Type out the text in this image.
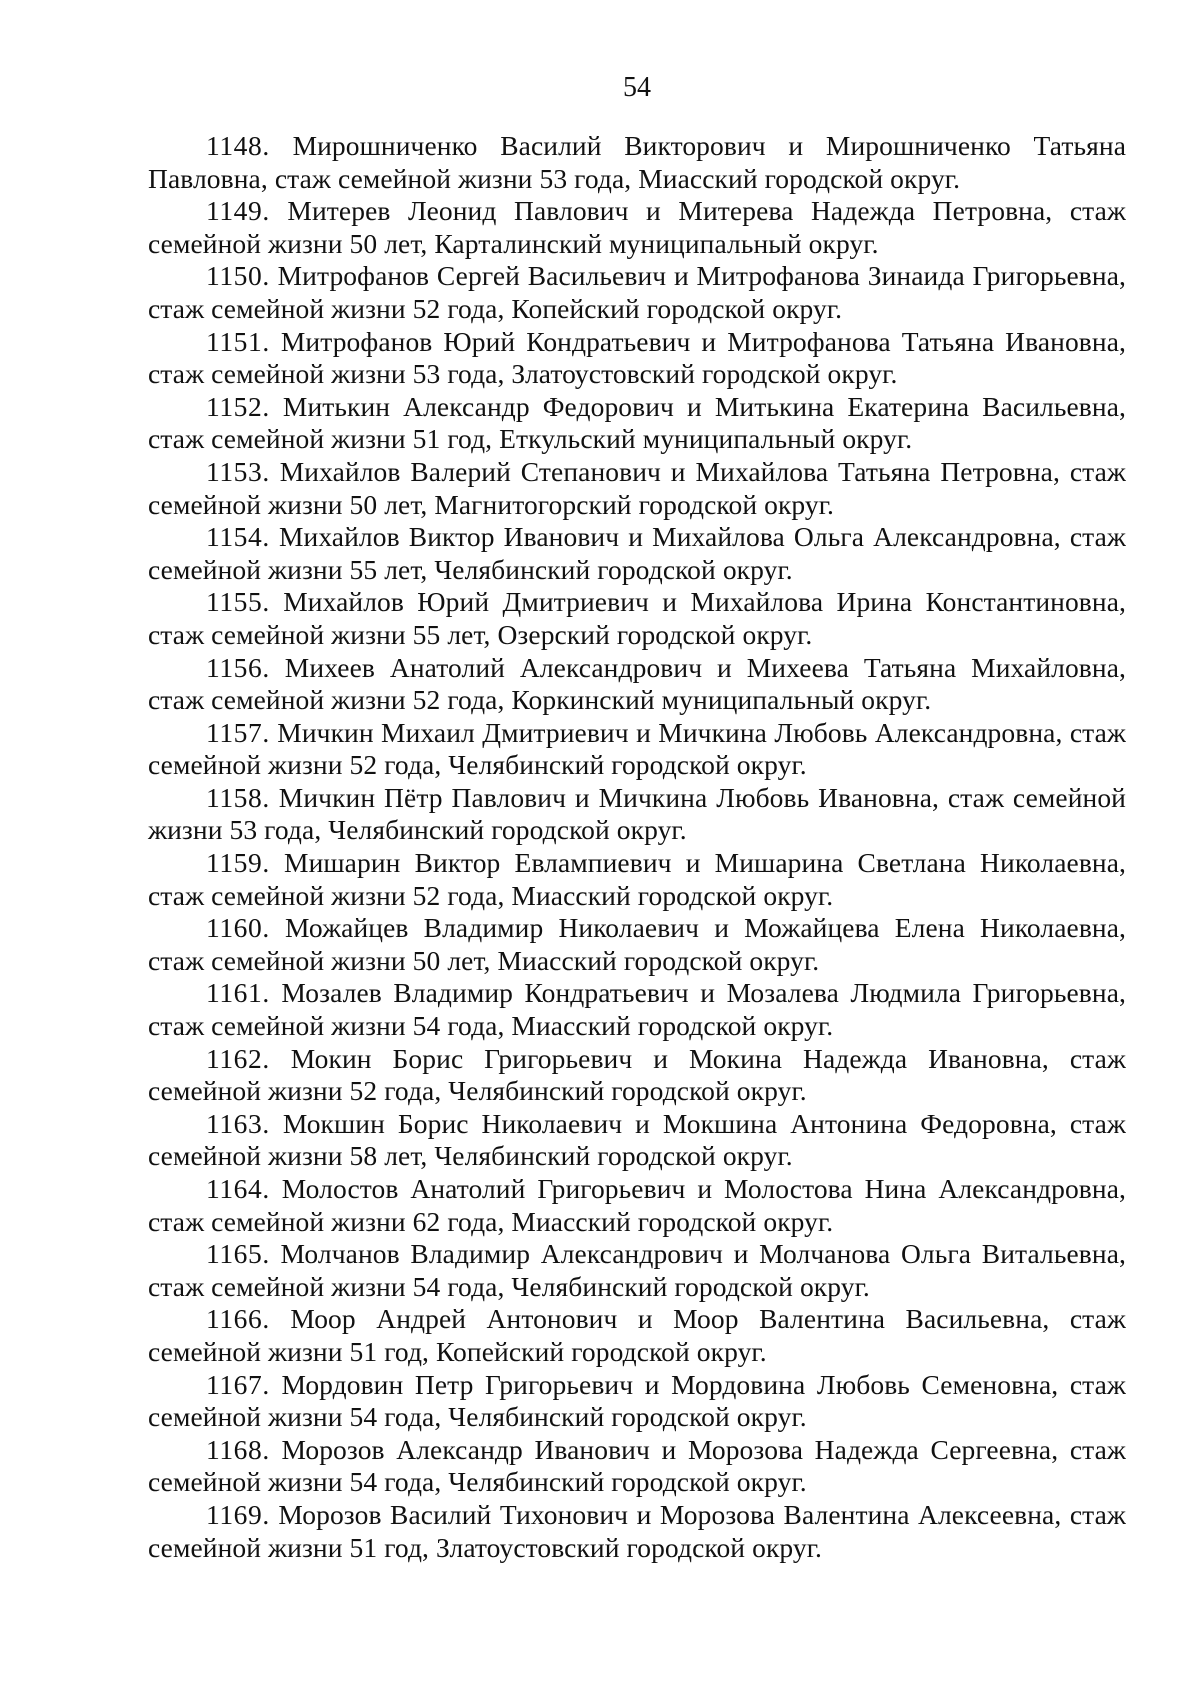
54
1148. Мирошниченко Василий Викторович и Мирошниченко Татьяна Павловна, стаж семейной жизни 53 года, Миасский городской округ.
1149. Митерев Леонид Павлович и Митерева Надежда Петровна, стаж семейной жизни 50 лет, Карталинский муниципальный округ.
1150. Митрофанов Сергей Васильевич и Митрофанова Зинаида Григорьевна, стаж семейной жизни 52 года, Копейский городской округ.
1151. Митрофанов Юрий Кондратьевич и Митрофанова Татьяна Ивановна, стаж семейной жизни 53 года, Златоустовский городской округ.
1152. Митькин Александр Федорович и Митькина Екатерина Васильевна, стаж семейной жизни 51 год, Еткульский муниципальный округ.
1153. Михайлов Валерий Степанович и Михайлова Татьяна Петровна, стаж семейной жизни 50 лет, Магнитогорский городской округ.
1154. Михайлов Виктор Иванович и Михайлова Ольга Александровна, стаж семейной жизни 55 лет, Челябинский городской округ.
1155. Михайлов Юрий Дмитриевич и Михайлова Ирина Константиновна, стаж семейной жизни 55 лет, Озерский городской округ.
1156. Михеев Анатолий Александрович и Михеева Татьяна Михайловна, стаж семейной жизни 52 года, Коркинский муниципальный округ.
1157. Мичкин Михаил Дмитриевич и Мичкина Любовь Александровна, стаж семейной жизни 52 года, Челябинский городской округ.
1158. Мичкин Пётр Павлович и Мичкина Любовь Ивановна, стаж семейной жизни 53 года, Челябинский городской округ.
1159. Мишарин Виктор Евлампиевич и Мишарина Светлана Николаевна, стаж семейной жизни 52 года, Миасский городской округ.
1160. Можайцев Владимир Николаевич и Можайцева Елена Николаевна, стаж семейной жизни 50 лет, Миасский городской округ.
1161. Мозалев Владимир Кондратьевич и Мозалева Людмила Григорьевна, стаж семейной жизни 54 года, Миасский городской округ.
1162. Мокин Борис Григорьевич и Мокина Надежда Ивановна, стаж семейной жизни 52 года, Челябинский городской округ.
1163. Мокшин Борис Николаевич и Мокшина Антонина Федоровна, стаж семейной жизни 58 лет, Челябинский городской округ.
1164. Молостов Анатолий Григорьевич и Молостова Нина Александровна, стаж семейной жизни 62 года, Миасский городской округ.
1165. Молчанов Владимир Александрович и Молчанова Ольга Витальевна, стаж семейной жизни 54 года, Челябинский городской округ.
1166. Моор Андрей Антонович и Моор Валентина Васильевна, стаж семейной жизни 51 год, Копейский городской округ.
1167. Мордовин Петр Григорьевич и Мордовина Любовь Семеновна, стаж семейной жизни 54 года, Челябинский городской округ.
1168. Морозов Александр Иванович и Морозова Надежда Сергеевна, стаж семейной жизни 54 года, Челябинский городской округ.
1169. Морозов Василий Тихонович и Морозова Валентина Алексеевна, стаж семейной жизни 51 год, Златоустовский городской округ.
